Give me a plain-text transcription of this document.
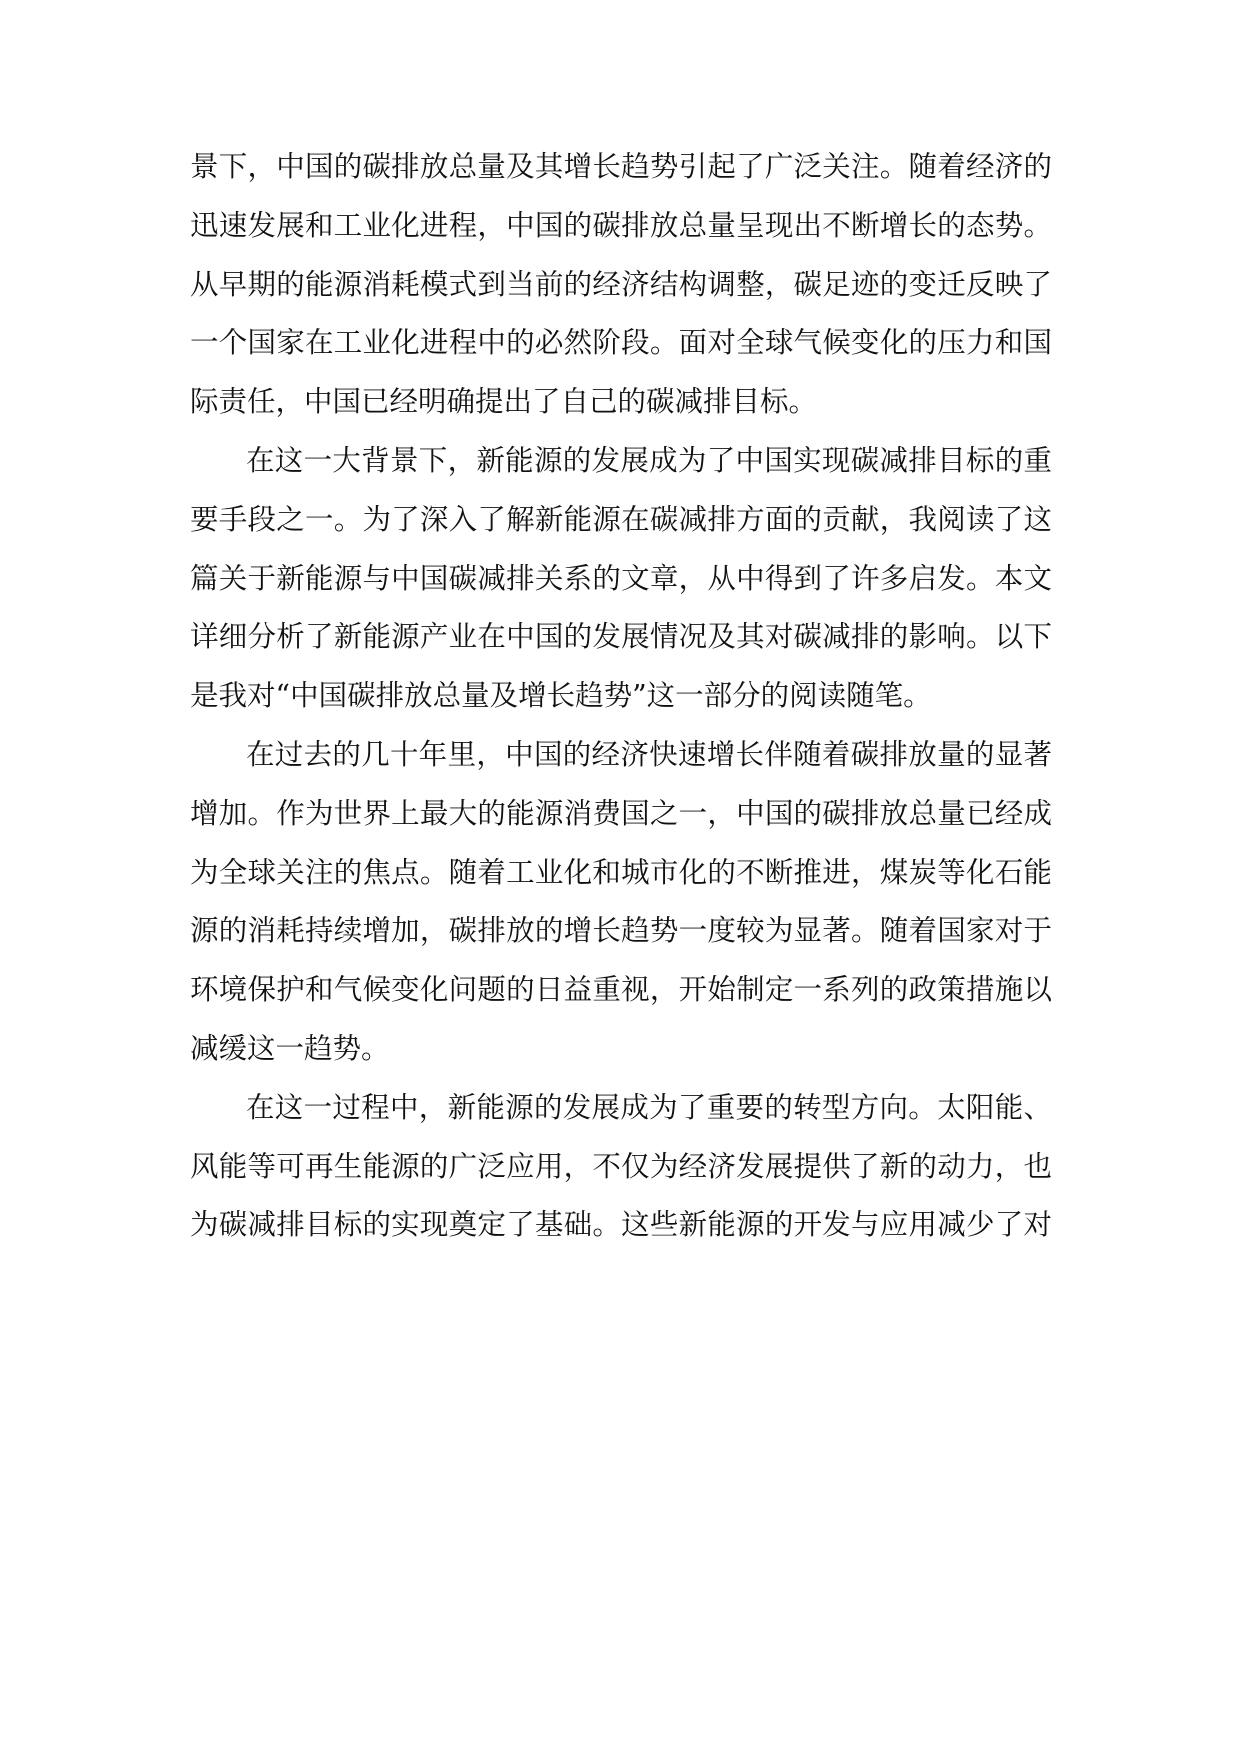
景下，中国的碳排放总量及其增长趋势引起了广泛关注。随着经济的
迅速发展和工业化进程，中国的碳排放总量呈现出不断增长的态势。
从早期的能源消耗模式到当前的经济结构调整，碳足迹的变迁反映了
一个国家在工业化进程中的必然阶段。面对全球气候变化的压力和国
际责任，中国已经明确提出了自己的碳减排目标。
在这一大背景下，新能源的发展成为了中国实现碳减排目标的重
要手段之一。为了深入了解新能源在碳减排方面的贡献，我阅读了这
篇关于新能源与中国碳减排关系的文章，从中得到了许多启发。本文
详细分析了新能源产业在中国的发展情况及其对碳减排的影响。以下
是我对“中国碳排放总量及增长趋势”这一部分的阅读随笔。
在过去的几十年里，中国的经济快速增长伴随着碳排放量的显著
增加。作为世界上最大的能源消费国之一，中国的碳排放总量已经成
为全球关注的焦点。随着工业化和城市化的不断推进，煤炭等化石能
源的消耗持续增加，碳排放的增长趋势一度较为显著。随着国家对于
环境保护和气候变化问题的日益重视，开始制定一系列的政策措施以
减缓这一趋势。
在这一过程中，新能源的发展成为了重要的转型方向。太阳能、
风能等可再生能源的广泛应用，不仅为经济发展提供了新的动力，也
为碳减排目标的实现奠定了基础。这些新能源的开发与应用减少了对
